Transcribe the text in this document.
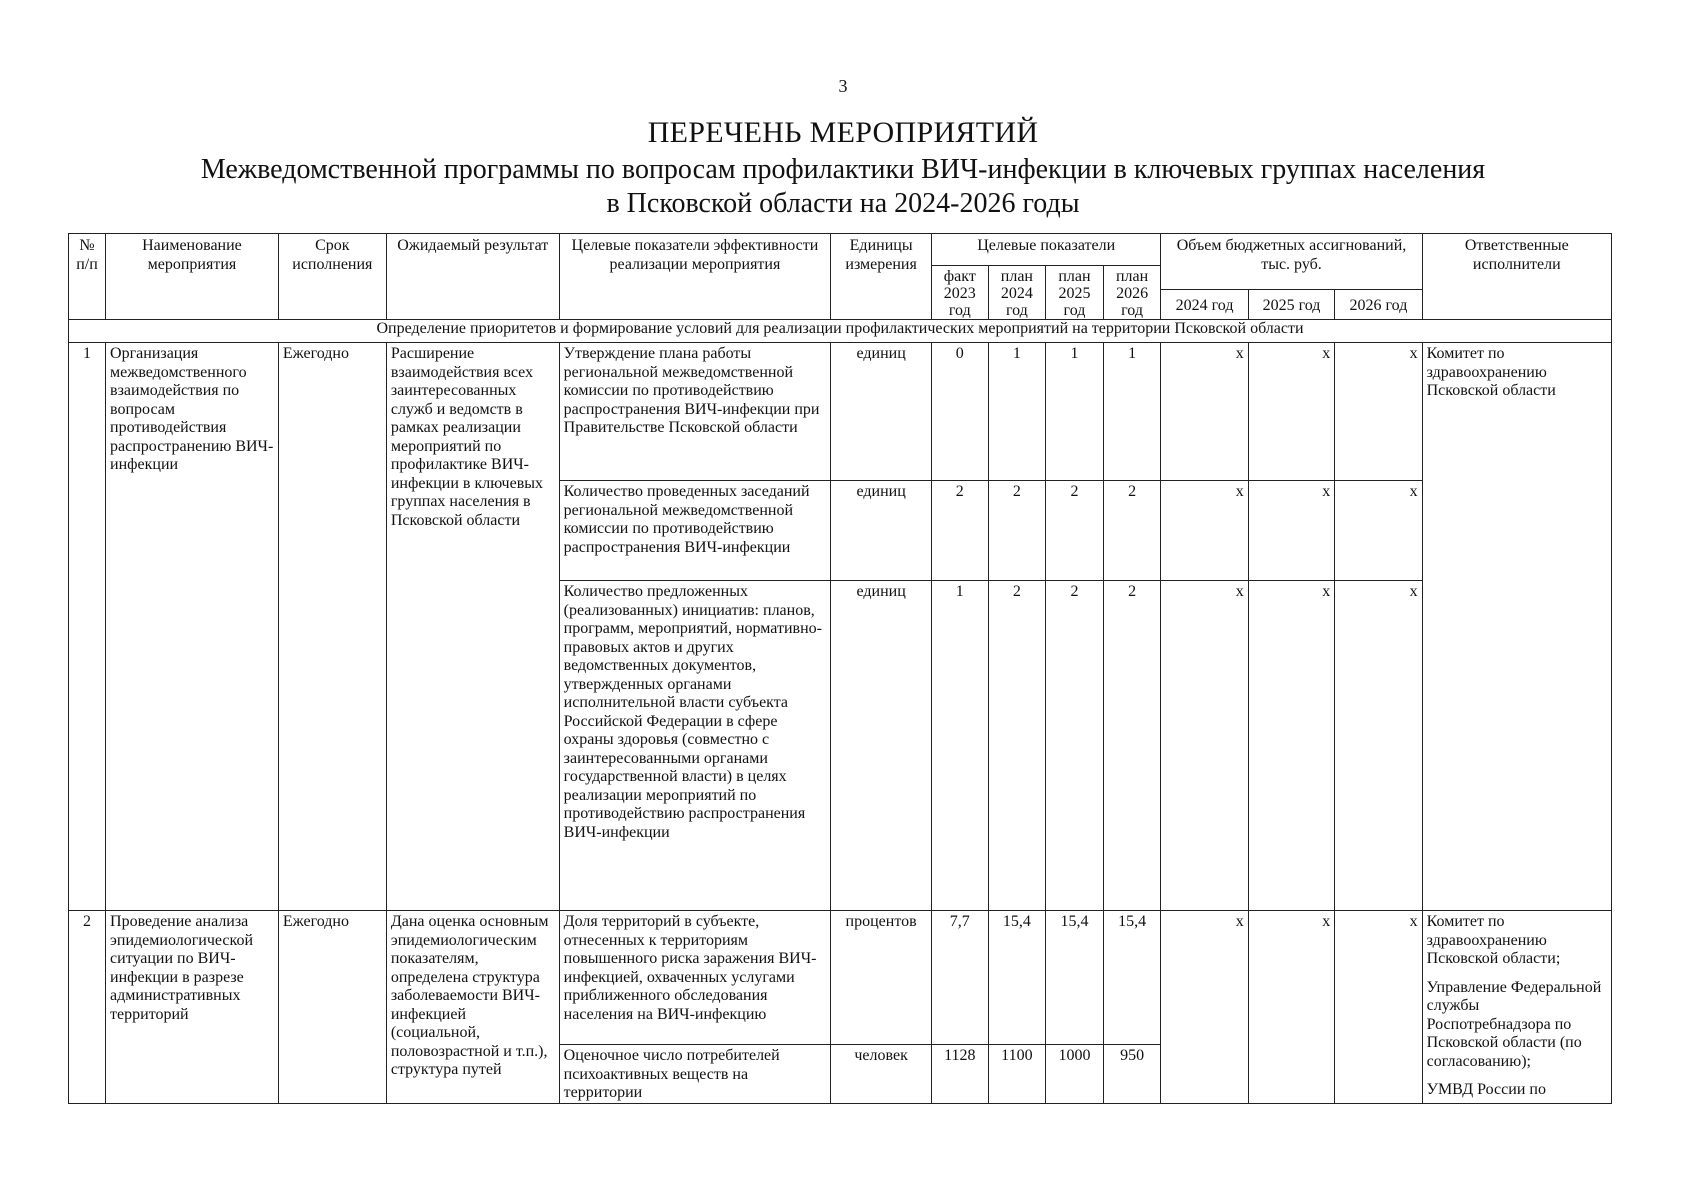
3
ПЕРЕЧЕНЬ МЕРОПРИЯТИЙ
Межведомственной программы по вопросам профилактики ВИЧ-инфекции в ключевых группах населения
в Псковской области на 2024-2026 годы
№ п/п	Наименование мероприятия	Срок исполнения	Ожидаемый результат	Целевые показатели эффективности реализации мероприятия	Единицы измерения	Целевые показатели				Объем бюджетных ассигнований, тыс. руб.			Ответственные исполнители
						факт 2023 год	план 2024 год	план 2025 год	план 2026 год				
										2024 год	2025 год	2026 год	
Определение приоритетов и формирование условий для реализации профилактических мероприятий на территории Псковской области													
1	Организация межведомственного взаимодействия по вопросам противодействия распространению ВИЧ-инфекции	Ежегодно	Расширение взаимодействия всех заинтересованных служб и ведомств в рамках реализации мероприятий по профилактике ВИЧ-инфекции в ключевых группах населения в Псковской области	Утверждение плана работы региональной межведомственной комиссии по противодействию распространения ВИЧ-инфекции при Правительстве Псковской области	единиц	0	1	1	1	х	х	х	Комитет по здравоохранению Псковской области
				Количество проведенных заседаний региональной межведомственной комиссии по противодействию распространения ВИЧ-инфекции	единиц	2	2	2	2	х	х	х	
				Количество предложенных (реализованных) инициатив: планов, программ, мероприятий, нормативно-правовых актов и других ведомственных документов, утвержденных органами исполнительной власти субъекта Российской Федерации в сфере охраны здоровья (совместно с заинтересованными органами государственной власти) в целях реализации мероприятий по противодействию распространения ВИЧ-инфекции	единиц	1	2	2	2	х	х	х	
2	Проведение анализа эпидемиологической ситуации по ВИЧ-инфекции в разрезе административных территорий	Ежегодно	Дана оценка основным эпидемиологическим показателям, определена структура заболеваемости ВИЧ-инфекцией (социальной, половозрастной и т.п.), структура путей	Доля территорий в субъекте, отнесенных к территориям повышенного риска заражения ВИЧ-инфекцией, охваченных услугами приближенного обследования населения на ВИЧ-инфекцию	процентов	7,7	15,4	15,4	15,4	х	х	х	Комитет по здравоохранению Псковской области;
Управление Федеральной службы Роспотребнадзора по Псковской области (по согласованию);
УМВД России по

				Оценочное число потребителей психоактивных веществ на территории	человек	1128	1100	1000	950				
